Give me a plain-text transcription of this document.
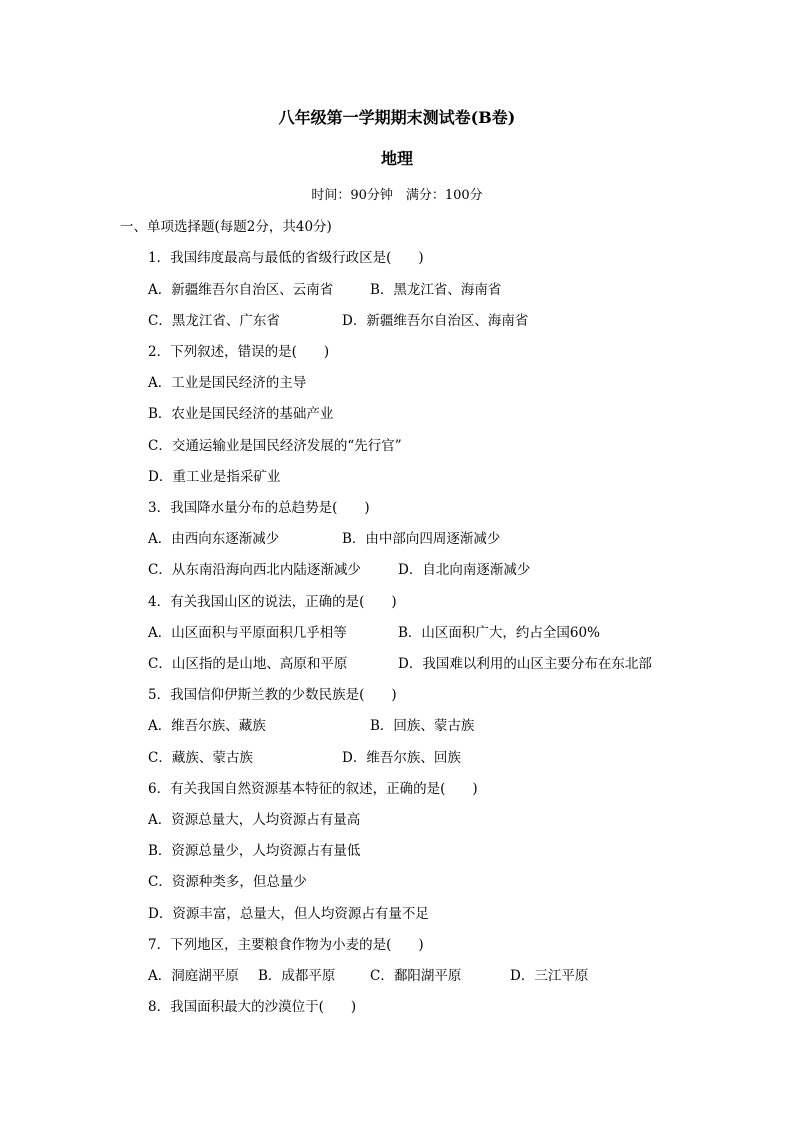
八年级第一学期期末测试卷(B卷)
地理
时间：90分钟　满分：100分
一、单项选择题(每题2分，共40分)
1．我国纬度最高与最低的省级行政区是(　　)
A．新疆维吾尔自治区、云南省	B．黑龙江省、海南省
C．黑龙江省、广东省	D．新疆维吾尔自治区、海南省
2．下列叙述，错误的是(　　)
A．工业是国民经济的主导
B．农业是国民经济的基础产业
C．交通运输业是国民经济发展的“先行官”
D．重工业是指采矿业
3．我国降水量分布的总趋势是(　　)
A．由西向东逐渐减少	B．由中部向四周逐渐减少
C．从东南沿海向西北内陆逐渐减少	D．自北向南逐渐减少
4．有关我国山区的说法，正确的是(　　)
A．山区面积与平原面积几乎相等	B．山区面积广大，约占全国60%
C．山区指的是山地、高原和平原	D．我国难以利用的山区主要分布在东北部
5．我国信仰伊斯兰教的少数民族是(　　)
A．维吾尔族、藏族	B．回族、蒙古族
C．藏族、蒙古族	D．维吾尔族、回族
6．有关我国自然资源基本特征的叙述，正确的是(　　)
A．资源总量大，人均资源占有量高
B．资源总量少，人均资源占有量低
C．资源种类多，但总量少
D．资源丰富，总量大，但人均资源占有量不足
7．下列地区，主要粮食作物为小麦的是(　　)
A．洞庭湖平原 B．成都平原	C．鄱阳湖平原	D．三江平原
8．我国面积最大的沙漠位于(　　)
